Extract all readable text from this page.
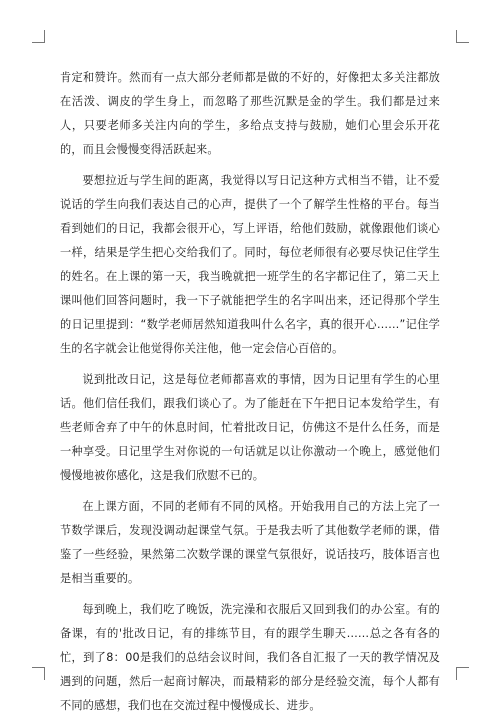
肯定和赞许。然而有一点大部分老师都是做的不好的，好像把太多关注都放在活泼、调皮的学生身上，而忽略了那些沉默是金的学生。我们都是过来人，只要老师多关注内向的学生，多给点支持与鼓励，她们心里会乐开花的，而且会慢慢变得活跃起来。

要想拉近与学生间的距离，我觉得以写日记这种方式相当不错，让不爱说话的学生向我们表达自己的心声，提供了一个了解学生性格的平台。每当看到她们的日记，我都会很开心，写上评语，给他们鼓励，就像跟他们谈心一样，结果是学生把心交给我们了。同时，每位老师很有必要尽快记住学生的姓名。在上课的第一天，我当晚就把一班学生的名字都记住了，第二天上课叫他们回答问题时，我一下子就能把学生的名字叫出来，还记得那个学生的日记里提到：“数学老师居然知道我叫什么名字，真的很开心……”记住学生的名字就会让他觉得你关注他，他一定会信心百倍的。

说到批改日记，这是每位老师都喜欢的事情，因为日记里有学生的心里话。他们信任我们，跟我们谈心了。为了能赶在下午把日记本发给学生，有些老师舍弃了中午的休息时间，忙着批改日记，仿佛这不是什么任务，而是一种享受。日记里学生对你说的一句话就足以让你激动一个晚上，感觉他们慢慢地被你感化，这是我们欣慰不已的。

在上课方面，不同的老师有不同的风格。开始我用自己的方法上完了一节数学课后，发现没调动起课堂气氛。于是我去听了其他数学老师的课，借鉴了一些经验，果然第二次数学课的课堂气氛很好，说话技巧，肢体语言也是相当重要的。

每到晚上，我们吃了晚饭，洗完澡和衣服后又回到我们的办公室。有的备课，有的'批改日记，有的排练节目，有的跟学生聊天……总之各有各的忙，到了8：00是我们的总结会议时间，我们各自汇报了一天的教学情况及遇到的问题，然后一起商讨解决，而最精彩的部分是经验交流，每个人都有不同的感想，我们也在交流过程中慢慢成长、进步。
